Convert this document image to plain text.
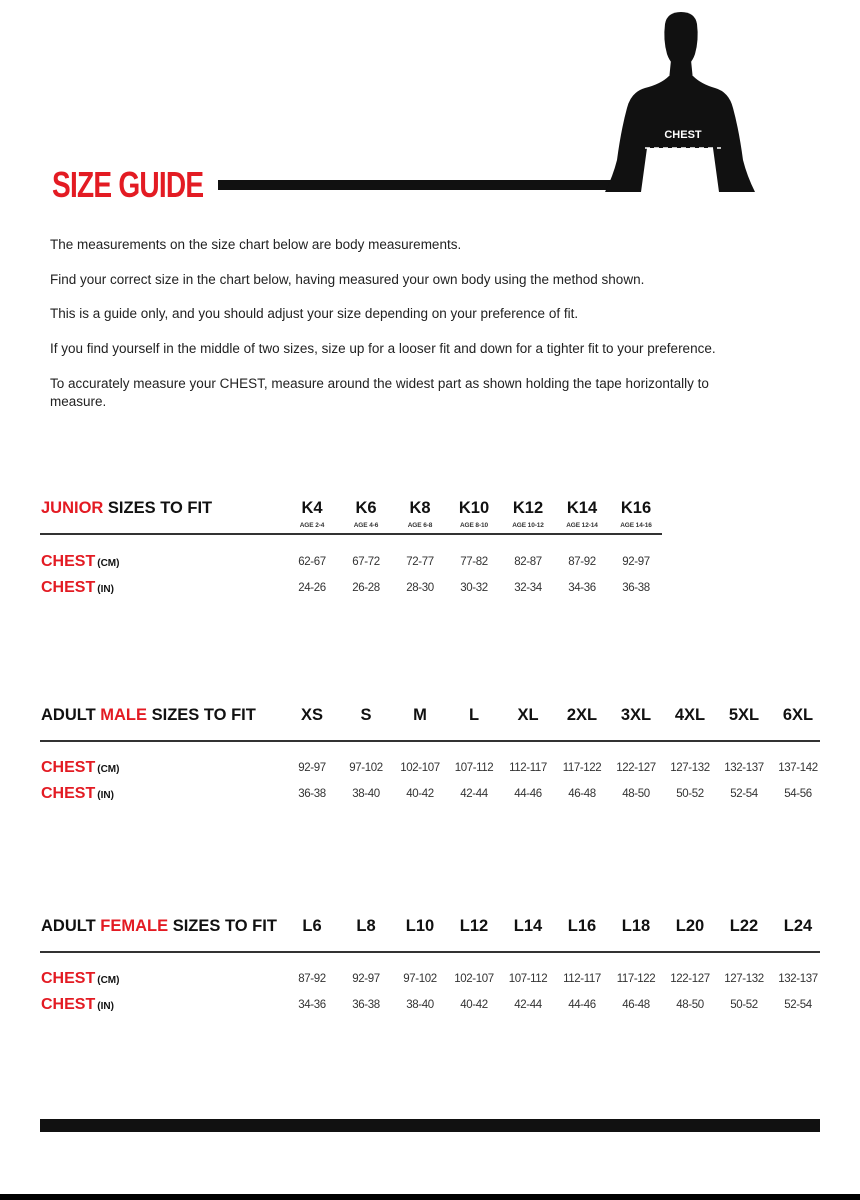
SIZE GUIDE
CHEST
The measurements on the size chart below are body measurements.
Find your correct size in the chart below, having measured your own body using the method shown.
This is a guide only, and you should adjust your size depending on your preference of fit.
If you find yourself in the middle of two sizes, size up for a looser fit and down for a tighter fit to your preference.
To accurately measure your CHEST, measure around the widest part as shown holding the tape horizontally to measure.
JUNIOR SIZES TO FIT
CHEST (CM)
CHEST (IN)
ADULT MALE SIZES TO FIT
CHEST (CM)
CHEST (IN)
ADULT FEMALE SIZES TO FIT
CHEST (CM)
CHEST (IN)
K4
AGE 2-4
62-67
24-26
K6
AGE 4-6
67-72
26-28
K8
AGE 6-8
72-77
28-30
K10
AGE 8-10
77-82
30-32
K12
AGE 10-12
82-87
32-34
K14
AGE 12-14
87-92
34-36
K16
AGE 14-16
92-97
36-38
XS
92-97
36-38
S
97-102
38-40
M
102-107
40-42
L
107-112
42-44
XL
112-117
44-46
2XL
117-122
46-48
3XL
122-127
48-50
4XL
127-132
50-52
5XL
132-137
52-54
6XL
137-142
54-56
L6
87-92
34-36
L8
92-97
36-38
L10
97-102
38-40
L12
102-107
40-42
L14
107-112
42-44
L16
112-117
44-46
L18
117-122
46-48
L20
122-127
48-50
L22
127-132
50-52
L24
132-137
52-54
